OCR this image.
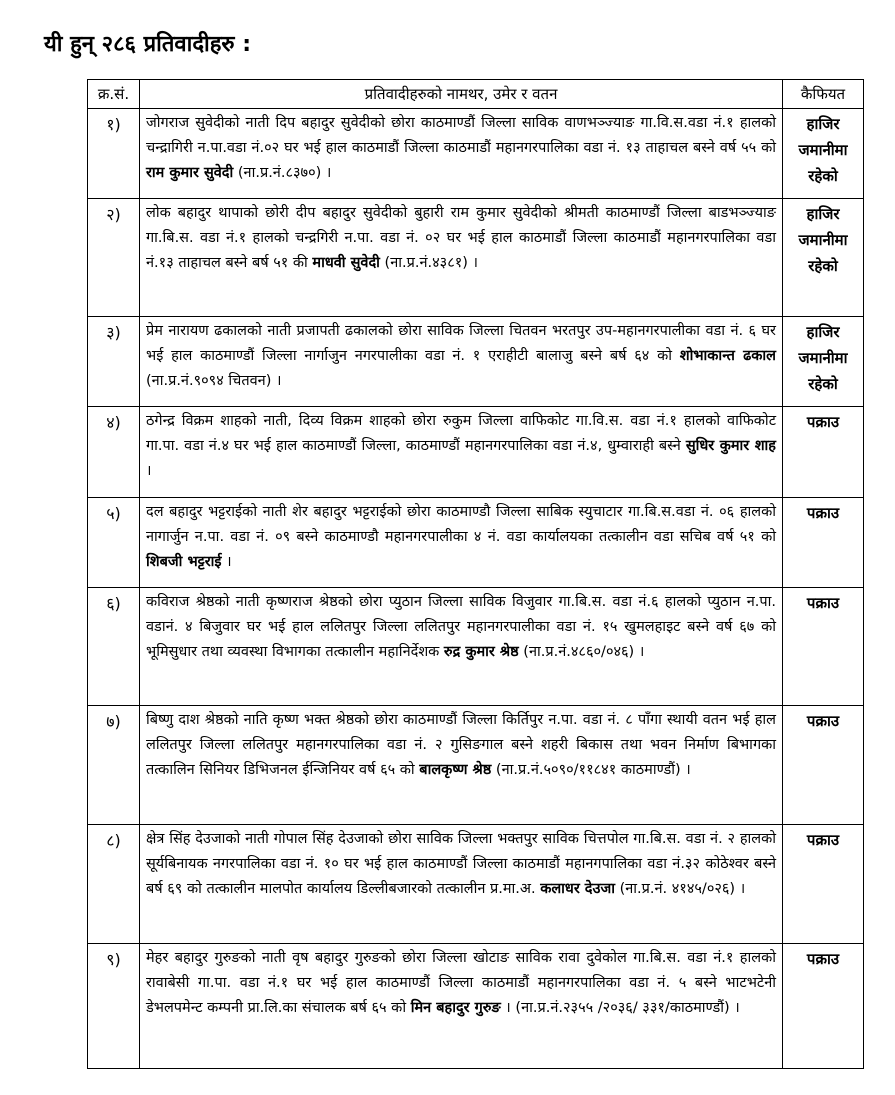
यी हुन् २८६ प्रतिवादीहरु :
क्र.सं.	प्रतिवादीहरुको नामथर, उमेर र वतन	कैफियत
१)	जोगराज सुवेदीको नाती दिप बहादुर सुवेदीको छोरा काठमाण्डौं जिल्ला साविक वाणभञ्ज्याङ गा.वि.स.वडा नं.१ हालको चन्द्रागिरी न.पा.वडा नं.०२ घर भई हाल काठमाडौं जिल्ला काठमाडौं महानगरपालिका वडा नं. १३ ताहाचल बस्ने वर्ष ५५ को राम कुमार सुवेदी (ना.प्र.नं.८३७०) ।	हाजिर जमानीमा रहेको
२)	लोक बहादुर थापाको छोरी दीप बहादुर सुवेदीको बुहारी राम कुमार सुवेदीको श्रीमती काठमाण्डौं जिल्ला बाडभञ्ज्याङ गा.बि.स. वडा नं.१ हालको चन्द्रगिरी न.पा. वडा नं. ०२ घर भई हाल काठमाडौं जिल्ला काठमाडौं महानगरपालिका वडा नं.१३ ताहाचल बस्ने बर्ष ५१ की माधवी सुवेदी (ना.प्र.नं.४३८१) ।	हाजिर जमानीमा रहेको
३)	प्रेम नारायण ढकालको नाती प्रजापती ढकालको छोरा साविक जिल्ला चितवन भरतपुर उप-महानगरपालीका वडा नं. ६ घर भई हाल काठमाण्डौं जिल्ला नार्गाजुन नगरपालीका वडा नं. १ एराहीटी बालाजु बस्ने बर्ष ६४ को शोभाकान्त ढकाल (ना.प्र.नं.९०९४ चितवन) ।	हाजिर जमानीमा रहेको
४)	ठगेन्द्र विक्रम शाहको नाती, दिव्य विक्रम शाहको छोरा रुकुम जिल्ला वाफिकोट गा.वि.स. वडा नं.१ हालको वाफिकोट गा.पा. वडा नं.४ घर भई हाल काठमाण्डौं जिल्ला, काठमाण्डौं महानगरपालिका वडा नं.४, धुम्वाराही बस्ने सुधिर कुमार शाह ।	पक्राउ
५)	दल बहादुर भट्टराईको नाती शेर बहादुर भट्टराईको छोरा काठमाण्डौ जिल्ला साबिक स्युचाटार गा.बि.स.वडा नं. ०६ हालको नागार्जुन न.पा. वडा नं. ०९ बस्ने काठमाण्डौ महानगरपालीका ४ नं. वडा कार्यालयका तत्कालीन वडा सचिब वर्ष ५१ को शिबजी भट्टराई ।	पक्राउ
६)	कविराज श्रेष्ठको नाती कृष्णराज श्रेष्ठको छोरा प्युठान जिल्ला साविक विजुवार गा.बि.स. वडा नं.६ हालको प्युठान न.पा. वडानं. ४ बिजुवार घर भई हाल ललितपुर जिल्ला ललितपुर महानगरपालीका वडा नं. १५ खुमलहाइट बस्ने वर्ष ६७ को भूमिसुधार तथा व्यवस्था विभागका तत्कालीन महानिर्देशक रुद्र कुमार श्रेष्ठ (ना.प्र.नं.४८६०/०४६) ।	पक्राउ
७)	बिष्णु दाश श्रेष्ठको नाति कृष्ण भक्त श्रेष्ठको छोरा काठमाण्डौं जिल्ला किर्तिपुर न.पा. वडा नं. ८ पाँगा स्थायी वतन भई हाल ललितपुर जिल्ला ललितपुर महानगरपालिका वडा नं. २ गुसिङगाल बस्ने शहरी बिकास तथा भवन निर्माण बिभागका तत्कालिन सिनियर डिभिजनल ईन्जिनियर वर्ष ६५ को बालकृष्ण श्रेष्ठ (ना.प्र.नं.५०९०/११८४१ काठमाण्डौं) ।	पक्राउ
८)	क्षेत्र सिंह देउजाको नाती गोपाल सिंह देउजाको छोरा साविक जिल्ला भक्तपुर साविक चित्तपोल गा.बि.स. वडा नं. २ हालको सूर्यबिनायक नगरपालिका वडा नं. १० घर भई हाल काठमाण्डौं जिल्ला काठमाडौं महानगपालिका वडा नं.३२ कोठेश्वर बस्ने बर्ष ६९ को तत्कालीन मालपोत कार्यालय डिल्लीबजारको तत्कालीन प्र.मा.अ. कलाधर देउजा (ना.प्र.नं. ४१४५/०२६) ।	पक्राउ
९)	मेहर बहादुर गुरुङको नाती वृष बहादुर गुरुङको छोरा जिल्ला खोटाङ साविक रावा दुवेकोल गा.बि.स. वडा नं.१ हालको रावाबेसी गा.पा. वडा नं.१ घर भई हाल काठमाण्डौं जिल्ला काठमाडौं महानगरपालिका वडा नं. ५ बस्ने भाटभटेनी डेभलपमेन्ट कम्पनी प्रा.लि.का संचालक बर्ष ६५ को मिन बहादुर गुरुङ । (ना.प्र.नं.२३५५ /२०३६/ ३३१/काठमाण्डौं) ।	पक्राउ
